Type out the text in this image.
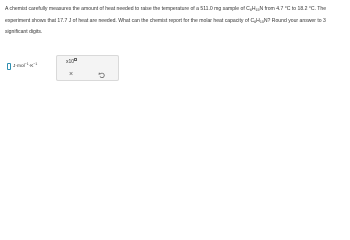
A chemist carefully measures the amount of heat needed to raise the temperature of a 511.0 mg sample of $C_6H_{15}N$ from 4.7 °C to 18.2 °C. The experiment shows that 17.7 J of heat are needed. What can the chemist report for the molar heat capacity of $C_6H_{15}N$? Round your answer to 3 significant digits.

$J\cdot mol^{-1}\cdot K^{-1}$	x10
×
